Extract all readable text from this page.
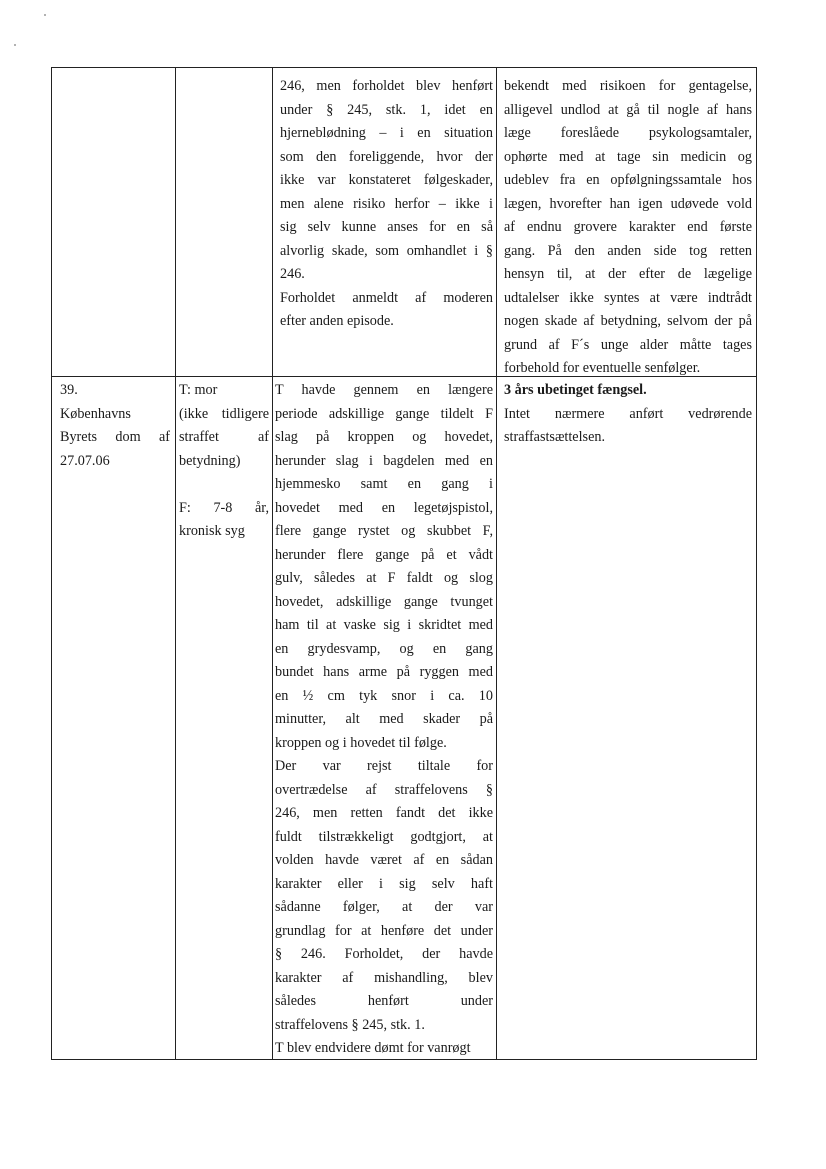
246, men forholdet blev henført
under § 245, stk. 1, idet en
hjerneblødning – i en situation
som den foreliggende, hvor der
ikke var konstateret følgeskader,
men alene risiko herfor – ikke i
sig selv kunne anses for en så
alvorlig skade, som omhandlet i §
246.
Forholdet anmeldt af moderen
efter anden episode.
bekendt med risikoen for gentagelse,
alligevel undlod at gå til nogle af hans
læge foreslåede psykologsamtaler,
ophørte med at tage sin medicin og
udeblev fra en opfølgningssamtale hos
lægen, hvorefter han igen udøvede vold
af endnu grovere karakter end første
gang. På den anden side tog retten
hensyn til, at der efter de lægelige
udtalelser ikke syntes at være indtrådt
nogen skade af betydning, selvom der på
grund af F´s unge alder måtte tages
forbehold for eventuelle senfølger.
39.
Københavns
Byrets dom af
27.07.06
T: mor
(ikke tidligere
straffet af
betydning)
F: 7-8 år,
kronisk syg
T havde gennem en længere
periode adskillige gange tildelt F
slag på kroppen og hovedet,
herunder slag i bagdelen med en
hjemmesko samt en gang i
hovedet med en legetøjspistol,
flere gange rystet og skubbet F,
herunder flere gange på et vådt
gulv, således at F faldt og slog
hovedet, adskillige gange tvunget
ham til at vaske sig i skridtet med
en grydesvamp, og en gang
bundet hans arme på ryggen med
en ½ cm tyk snor i ca. 10
minutter, alt med skader på
kroppen og i hovedet til følge.
Der var rejst tiltale for
overtrædelse af straffelovens §
246, men retten fandt det ikke
fuldt tilstrækkeligt godtgjort, at
volden havde været af en sådan
karakter eller i sig selv haft
sådanne følger, at der var
grundlag for at henføre det under
§ 246. Forholdet, der havde
karakter af mishandling, blev
således henført under
straffelovens § 245, stk. 1.
T blev endvidere dømt for vanrøgt
3 års ubetinget fængsel.
Intet nærmere anført vedrørende
straffastsættelsen.
